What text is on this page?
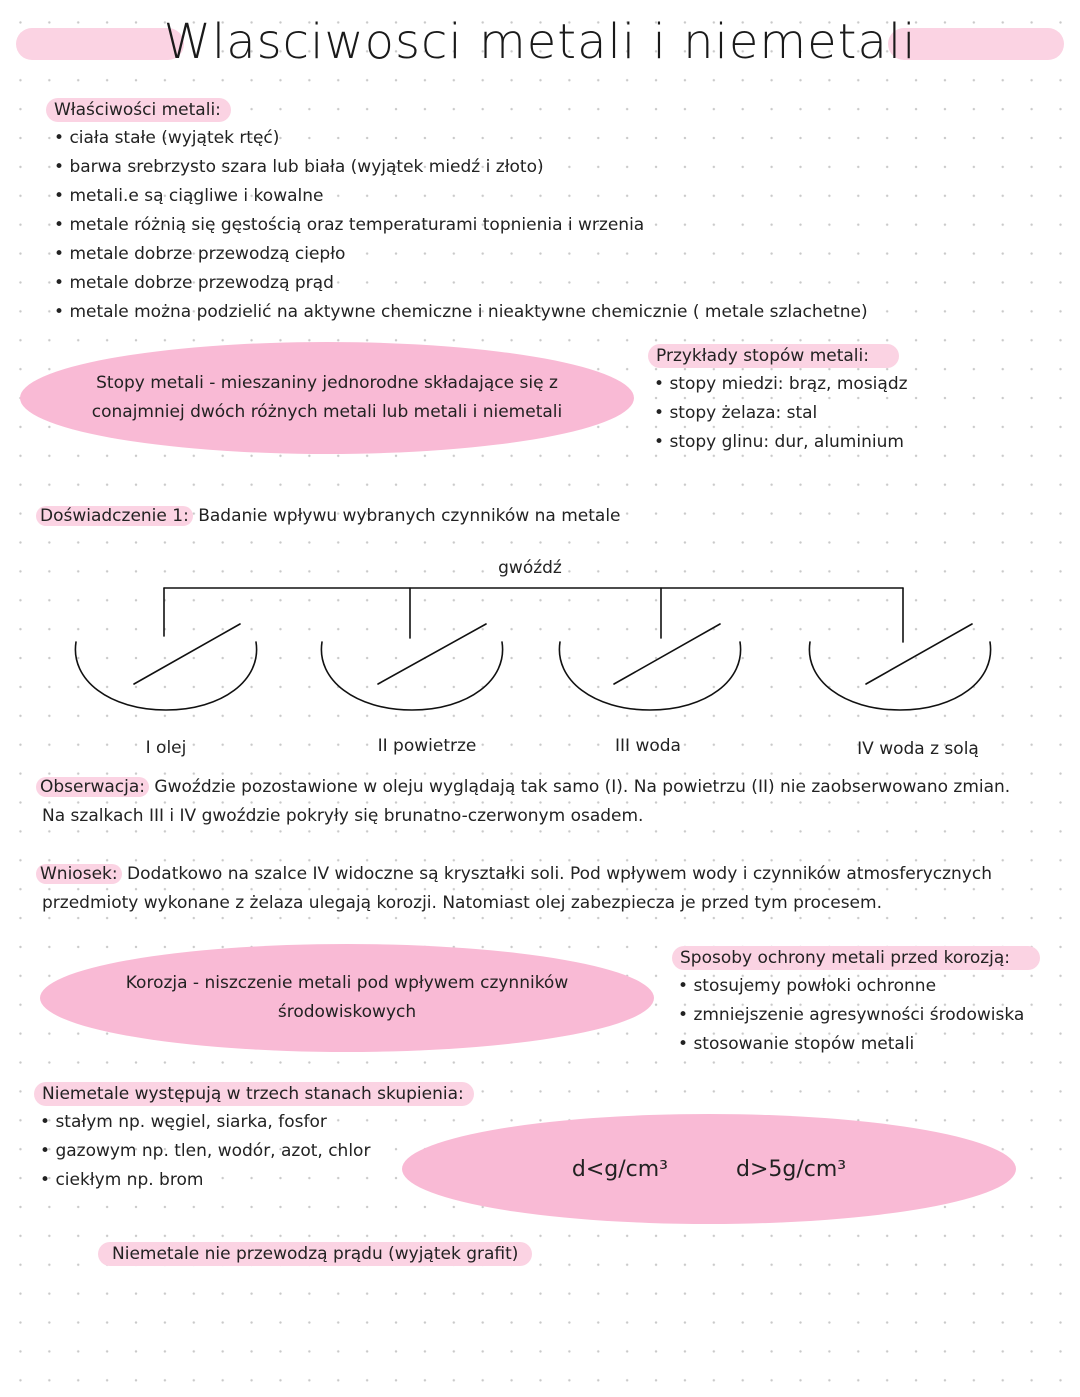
Wlasciwosci metali i niemetali
Właściwości metali:
• ciała stałe (wyjątek rtęć)
• barwa srebrzysto szara lub biała (wyjątek miedź i złoto)
• metali.e są ciągliwe i kowalne
• metale różnią się gęstością oraz temperaturami topnienia i wrzenia
• metale dobrze przewodzą ciepło
• metale dobrze przewodzą prąd
• metale można podzielić na aktywne chemiczne i nieaktywne chemicznie ( metale szlachetne)
Stopy metali - mieszaniny jednorodne składające się z
conajmniej dwóch różnych metali lub metali i niemetali
Przykłady stopów metali:
• stopy miedzi: brąz, mosiądz
• stopy żelaza: stal
• stopy glinu: dur, aluminium
Doświadczenie 1: Badanie wpływu wybranych czynników na metale
gwóźdź
I olej	II powietrze	III woda	IV woda z solą
Obserwacja: Gwoździe pozostawione w oleju wyglądają tak samo (I). Na powietrzu (II) nie zaobserwowano zmian.
Na szalkach III i IV gwoździe pokryły się brunatno-czerwonym osadem.
Wniosek: Dodatkowo na szalce IV widoczne są kryształki soli. Pod wpływem wody i czynników atmosferycznych
przedmioty wykonane z żelaza ulegają korozji. Natomiast olej zabezpiecza je przed tym procesem.
Korozja - niszczenie metali pod wpływem czynników
środowiskowych
Sposoby ochrony metali przed korozją:
• stosujemy powłoki ochronne
• zmniejszenie agresywności środowiska
• stosowanie stopów metali
Niemetale występują w trzech stanach skupienia:
• stałym np. węgiel, siarka, fosfor
• gazowym np. tlen, wodór, azot, chlor
• ciekłym np. brom	d<g/cm³	d>5g/cm³
Niemetale nie przewodzą prądu (wyjątek grafit)
